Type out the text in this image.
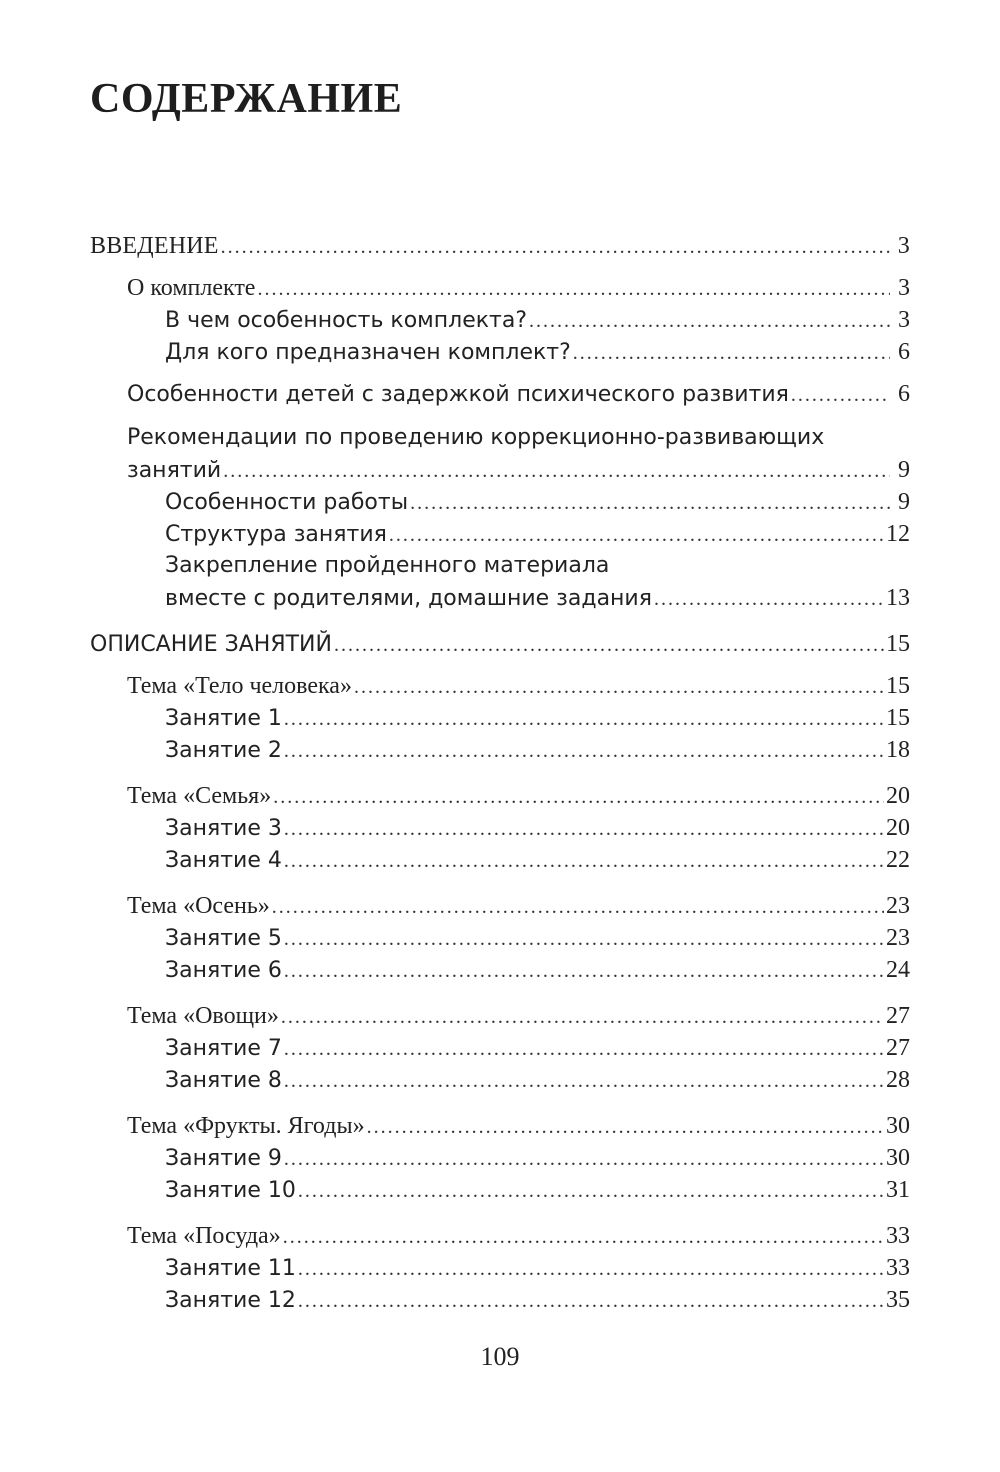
СОДЕРЖАНИЕ
ВВЕДЕНИЕ . . .	3
О комплекте . . .	3
В чем особенность комплекта? . . .	3
Для кого предназначен комплект? . . .	6
Особенности детей с задержкой психического развития . . .	6
Рекомендации по проведению коррекционно-развивающих
занятий . . .	9
Особенности работы . . .	9
Структура занятия . . .	12
Закрепление пройденного материала
вместе с родителями, домашние задания . . .	13
ОПИСАНИЕ ЗАНЯТИЙ . . .	15
Тема «Тело человека» . . .	15
Занятие 1 . . .	15
Занятие 2 . . .	18
Тема «Семья» . . .	20
Занятие 3 . . .	20
Занятие 4 . . .	22
Тема «Осень» . . .	23
Занятие 5 . . .	23
Занятие 6 . . .	24
Тема «Овощи» . . .	27
Занятие 7 . . .	27
Занятие 8 . . .	28
Тема «Фрукты. Ягоды» . . .	30
Занятие 9 . . .	30
Занятие 10 . . .	31
Тема «Посуда» . . .	33
Занятие 11 . . .	33
Занятие 12 . . .	35
109
